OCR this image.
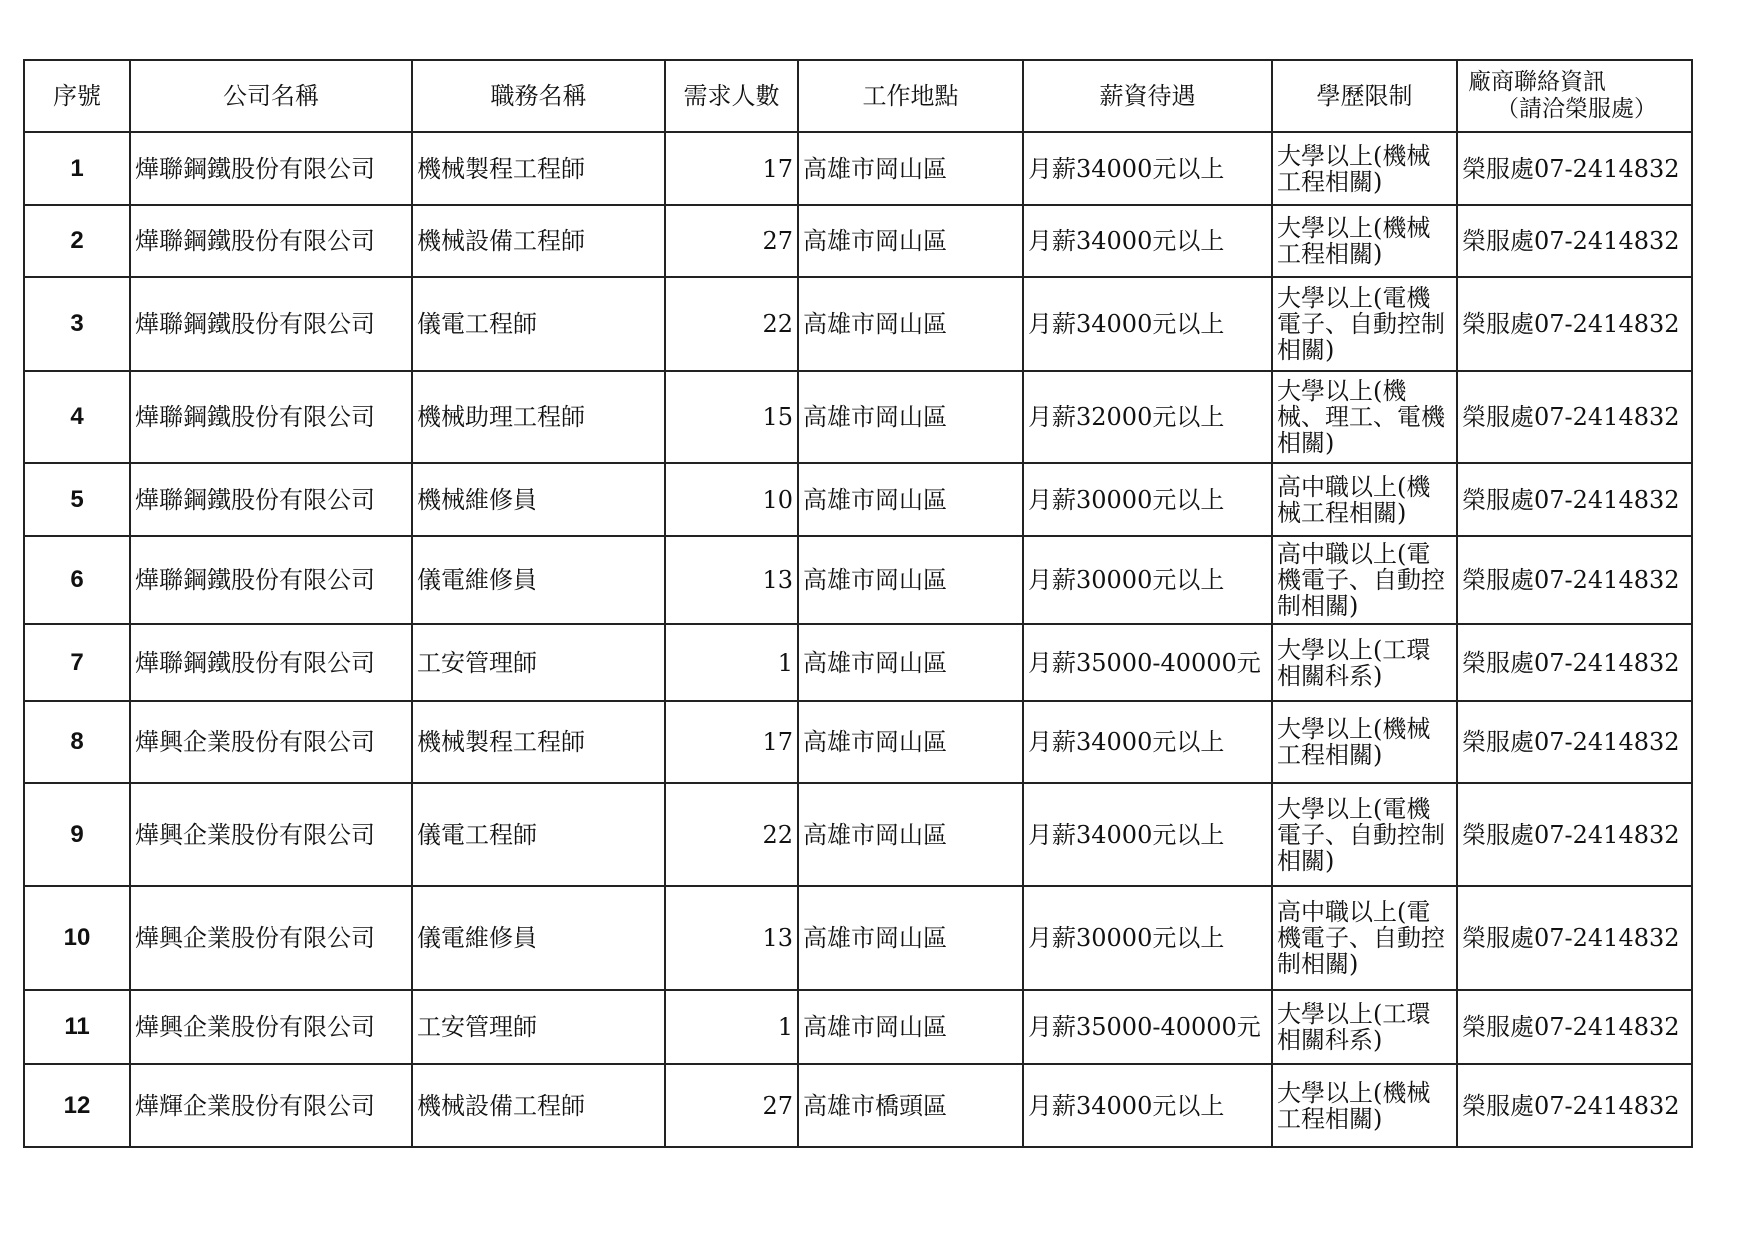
序號	公司名稱	職務名稱	需求人數	工作地點	薪資待遇	學歷限制	廠商聯絡資訊
（請洽榮服處）

1	燁聯鋼鐵股份有限公司	機械製程工程師	17	高雄市岡山區	月薪34000元以上	大學以上(機械工程相關)	榮服處07-2414832
2	燁聯鋼鐵股份有限公司	機械設備工程師	27	高雄市岡山區	月薪34000元以上	大學以上(機械工程相關)	榮服處07-2414832
3	燁聯鋼鐵股份有限公司	儀電工程師	22	高雄市岡山區	月薪34000元以上	大學以上(電機電子、自動控制相關)	榮服處07-2414832
4	燁聯鋼鐵股份有限公司	機械助理工程師	15	高雄市岡山區	月薪32000元以上	大學以上(機械、理工、電機相關)	榮服處07-2414832
5	燁聯鋼鐵股份有限公司	機械維修員	10	高雄市岡山區	月薪30000元以上	高中職以上(機械工程相關)	榮服處07-2414832
6	燁聯鋼鐵股份有限公司	儀電維修員	13	高雄市岡山區	月薪30000元以上	高中職以上(電機電子、自動控制相關)	榮服處07-2414832
7	燁聯鋼鐵股份有限公司	工安管理師	1	高雄市岡山區	月薪35000-40000元	大學以上(工環相關科系)	榮服處07-2414832
8	燁興企業股份有限公司	機械製程工程師	17	高雄市岡山區	月薪34000元以上	大學以上(機械工程相關)	榮服處07-2414832
9	燁興企業股份有限公司	儀電工程師	22	高雄市岡山區	月薪34000元以上	大學以上(電機電子、自動控制相關)	榮服處07-2414832
10	燁興企業股份有限公司	儀電維修員	13	高雄市岡山區	月薪30000元以上	高中職以上(電機電子、自動控制相關)	榮服處07-2414832
11	燁興企業股份有限公司	工安管理師	1	高雄市岡山區	月薪35000-40000元	大學以上(工環相關科系)	榮服處07-2414832
12	燁輝企業股份有限公司	機械設備工程師	27	高雄市橋頭區	月薪34000元以上	大學以上(機械工程相關)	榮服處07-2414832
